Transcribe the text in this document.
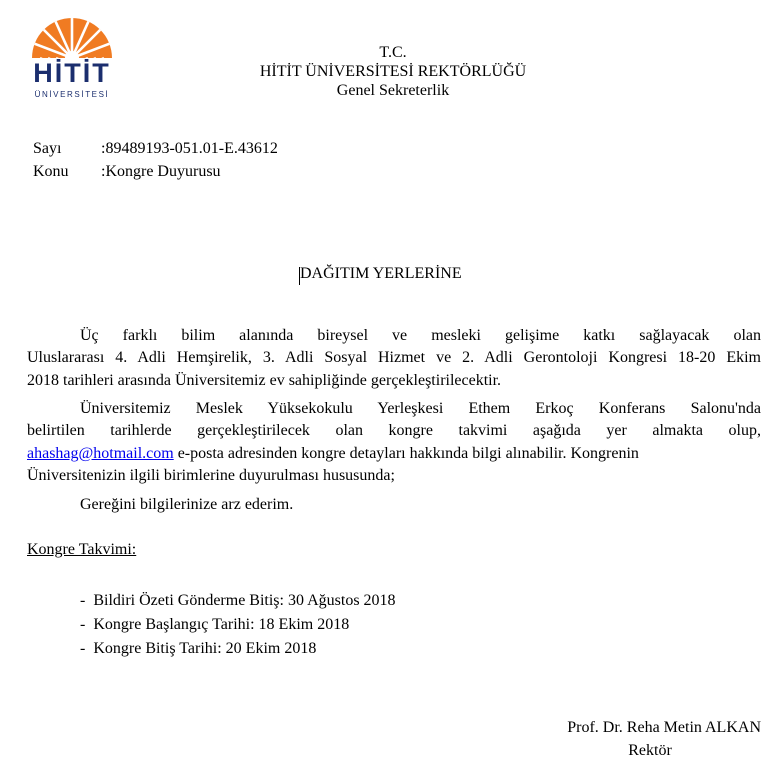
HİTİT
ÜNİVERSİTESİ
T.C.
HİTİT ÜNİVERSİTESİ REKTÖRLÜĞÜ
Genel Sekreterlik
Sayı :89489193-051.01-E.43612
Konu :Kongre Duyurusu
DAĞITIM YERLERİNE
Üç farklı bilim alanında bireysel ve mesleki gelişime katkı sağlayacak olan
Uluslararası 4. Adli Hemşirelik, 3. Adli Sosyal Hizmet ve 2. Adli Gerontoloji Kongresi 18-20 Ekim
2018 tarihleri arasında Üniversitemiz ev sahipliğinde gerçekleştirilecektir.
Üniversitemiz Meslek Yüksekokulu Yerleşkesi Ethem Erkoç Konferans Salonu'nda
belirtilen tarihlerde gerçekleştirilecek olan kongre takvimi aşağıda yer almakta olup,
ahashag@hotmail.com e-posta adresinden kongre detayları hakkında bilgi alınabilir. Kongrenin
Üniversitenizin ilgili birimlerine duyurulması hususunda;
Gereğini bilgilerinize arz ederim.
Kongre Takvimi:
- Bildiri Özeti Gönderme Bitiş: 30 Ağustos 2018
- Kongre Başlangıç Tarihi: 18 Ekim 2018
- Kongre Bitiş Tarihi: 20 Ekim 2018
Prof. Dr. Reha Metin ALKAN
Rektör
